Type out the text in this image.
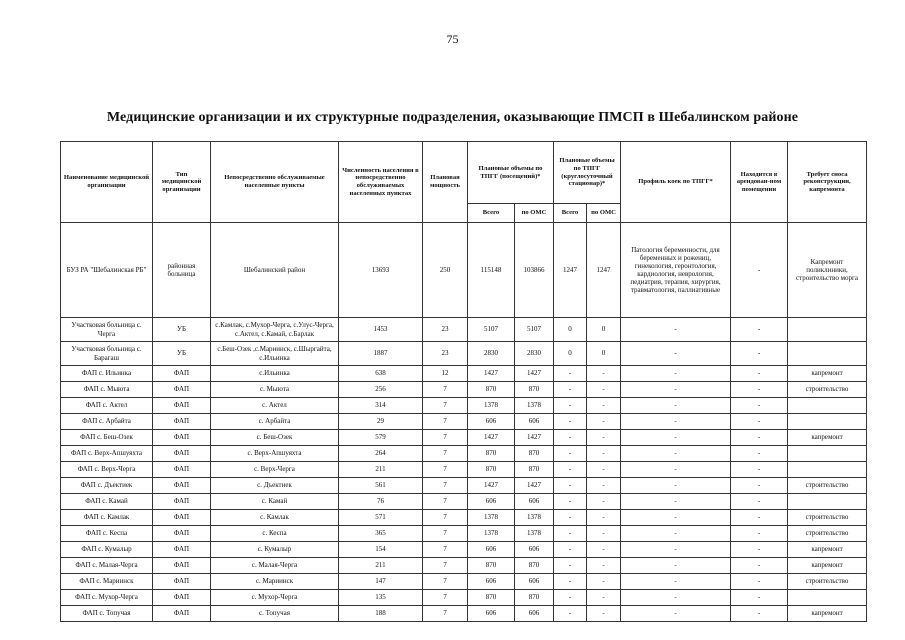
75
Медицинские организации и их структурные подразделения, оказывающие ПМСП в Шебалинском районе
Наименование медицинской организации	Тип медицинской организации	Непосредственно обслуживаемые населенные пункты	Численность населения в непосредственно обслуживаемых населенных пунктах	Плановая мощность	Плановые объемы по ТПГГ (посещений)*		Плановые объемы по ТПГГ (круглосуточный стационар)*		Профиль коек по ТПГГ*	Находится в арендован-ном помещении	Требует сноса реконструкции, капремонта
					Всего	по ОМС	Всего	по ОМС			
БУЗ РА "Шебалинская РБ"	районная больница	Шебалинский район	13693	250	115148	103866	1247	1247	Патология беременности, для беременных и рожениц, гинекология, геронтология, кардиология, неврология, педиатрия, терапия, хирургия, травматология, паллиативные	-	Капремонт поликлиники, строительство морга
Участковая больница с. Черга	УБ	с.Камлак, с.Мухор-Черга, с.Улус-Черга, с.Актел, с.Камай, с.Барлак	1453	23	5107	5107	0	0	-	-	
Участковая больница с. Барагаш	УБ	с.Беш-Озек ,с.Мариинск, с.Шыргайта, с.Ильинка	1887	23	2830	2830	0	0	-	-	
ФАП с. Ильинка	ФАП	с.Ильинка	638	12	1427	1427	-	-	-	-	капремонт
ФАП с. Мыюта	ФАП	с. Мыюта	256	7	870	870	-	-	-	-	строительство
ФАП с. Актел	ФАП	с. Актел	314	7	1378	1378	-	-	-	-	
ФАП с. Арбайта	ФАП	с. Арбайта	29	7	606	606	-	-	-	-	
ФАП с. Беш-Озек	ФАП	с. Беш-Озек	579	7	1427	1427	-	-	-	-	капремонт
ФАП с. Верх-Апшуяхта	ФАП	с. Верх-Апшуяхта	264	7	870	870	-	-	-	-	
ФАП с. Верх-Черга	ФАП	с. Верх-Черга	211	7	870	870	-	-	-	-	
ФАП с. Дъектиек	ФАП	с. Дъектиек	561	7	1427	1427	-	-	-	-	строительство
ФАП с. Камай	ФАП	с. Камай	76	7	606	606	-	-	-	-	
ФАП с. Камлак	ФАП	с. Камлак	571	7	1378	1378	-	-	-	-	строительство
ФАП с. Кеспа	ФАП	с. Кеспа	365	7	1378	1378	-	-	-	-	строительство
ФАП с. Кумалыр	ФАП	с. Кумалыр	154	7	606	606	-	-	-	-	капремонт
ФАП с. Малая-Черга	ФАП	с. Малая-Черга	211	7	870	870	-	-	-	-	капремонт
ФАП с. Мариинск	ФАП	с. Мариинск	147	7	606	606	-	-	-	-	строительство
ФАП с. Мухор-Черга	ФАП	с. Мухор-Черга	135	7	870	870	-	-	-	-	
ФАП с. Топучая	ФАП	с. Топучая	188	7	606	606	-	-	-	-	капремонт
